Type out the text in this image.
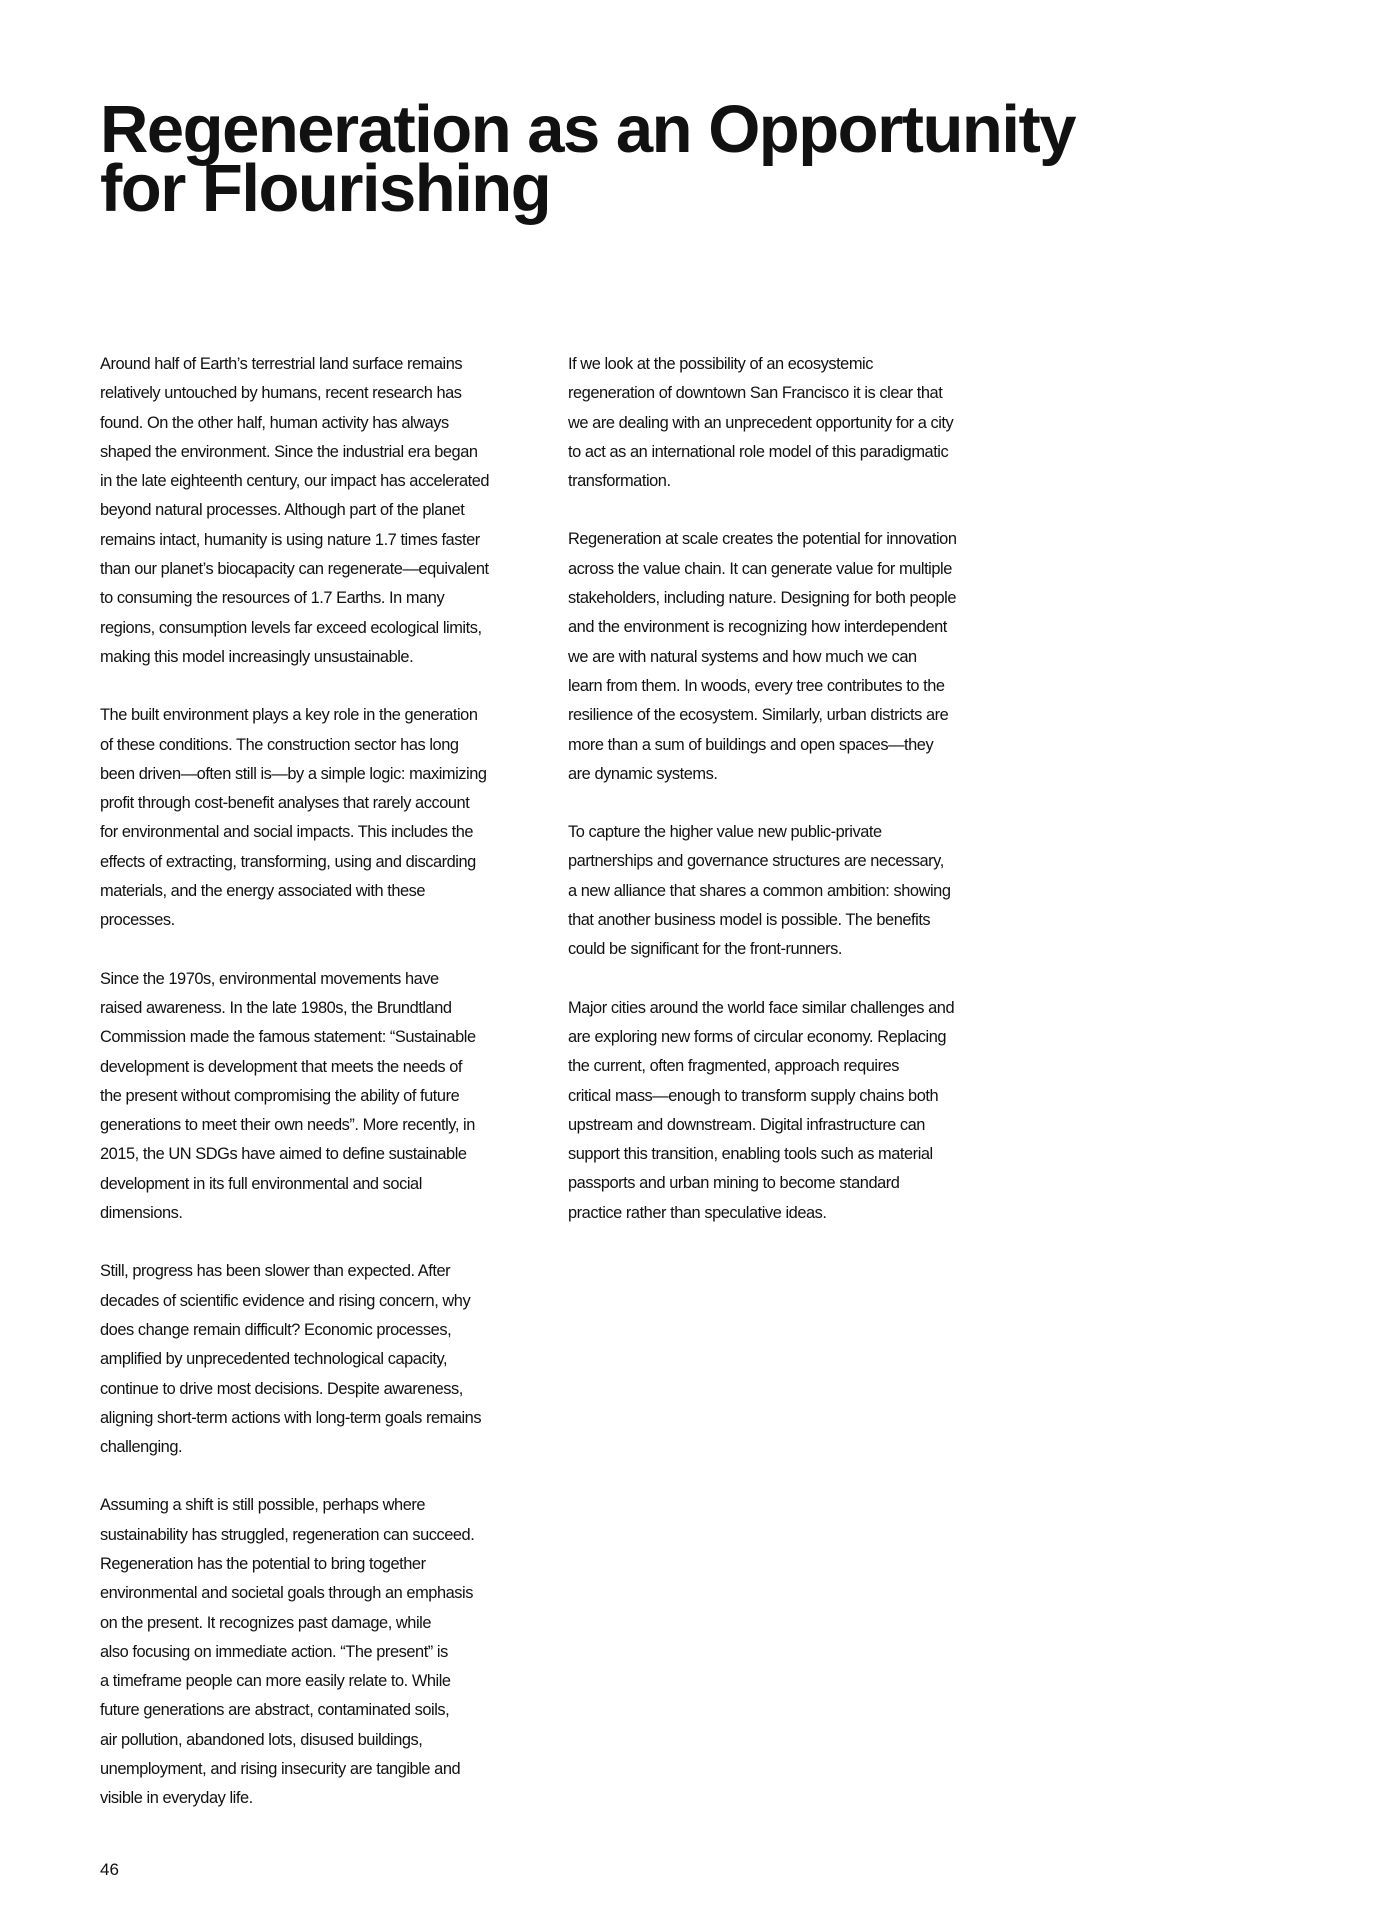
Regeneration as an Opportunity
for Flourishing

Around half of Earth’s terrestrial land surface remains
relatively untouched by humans, recent research has
found. On the other half, human activity has always
shaped the environment. Since the industrial era began
in the late eighteenth century, our impact has accelerated
beyond natural processes. Although part of the planet
remains intact, humanity is using nature 1.7 times faster
than our planet’s biocapacity can regenerate—equivalent
to consuming the resources of 1.7 Earths. In many
regions, consumption levels far exceed ecological limits,
making this model increasingly unsustainable.

The built environment plays a key role in the generation
of these conditions. The construction sector has long
been driven—often still is—by a simple logic: maximizing
profit through cost-benefit analyses that rarely account
for environmental and social impacts. This includes the
effects of extracting, transforming, using and discarding
materials, and the energy associated with these
processes.

Since the 1970s, environmental movements have
raised awareness. In the late 1980s, the Brundtland
Commission made the famous statement: “Sustainable
development is development that meets the needs of
the present without compromising the ability of future
generations to meet their own needs”. More recently, in
2015, the UN SDGs have aimed to define sustainable
development in its full environmental and social
dimensions.

Still, progress has been slower than expected. After
decades of scientific evidence and rising concern, why
does change remain difficult? Economic processes,
amplified by unprecedented technological capacity,
continue to drive most decisions. Despite awareness,
aligning short-term actions with long-term goals remains
challenging.

Assuming a shift is still possible, perhaps where
sustainability has struggled, regeneration can succeed.
Regeneration has the potential to bring together
environmental and societal goals through an emphasis
on the present. It recognizes past damage, while
also focusing on immediate action. “The present” is
a timeframe people can more easily relate to. While
future generations are abstract, contaminated soils,
air pollution, abandoned lots, disused buildings,
unemployment, and rising insecurity are tangible and
visible in everyday life.

If we look at the possibility of an ecosystemic
regeneration of downtown San Francisco it is clear that
we are dealing with an unprecedent opportunity for a city
to act as an international role model of this paradigmatic
transformation.

Regeneration at scale creates the potential for innovation
across the value chain. It can generate value for multiple
stakeholders, including nature. Designing for both people
and the environment is recognizing how interdependent
we are with natural systems and how much we can
learn from them. In woods, every tree contributes to the
resilience of the ecosystem. Similarly, urban districts are
more than a sum of buildings and open spaces—they
are dynamic systems.

To capture the higher value new public-private
partnerships and governance structures are necessary,
a new alliance that shares a common ambition: showing
that another business model is possible. The benefits
could be significant for the front-runners.

Major cities around the world face similar challenges and
are exploring new forms of circular economy. Replacing
the current, often fragmented, approach requires
critical mass—enough to transform supply chains both
upstream and downstream. Digital infrastructure can
support this transition, enabling tools such as material
passports and urban mining to become standard
practice rather than speculative ideas.

46
